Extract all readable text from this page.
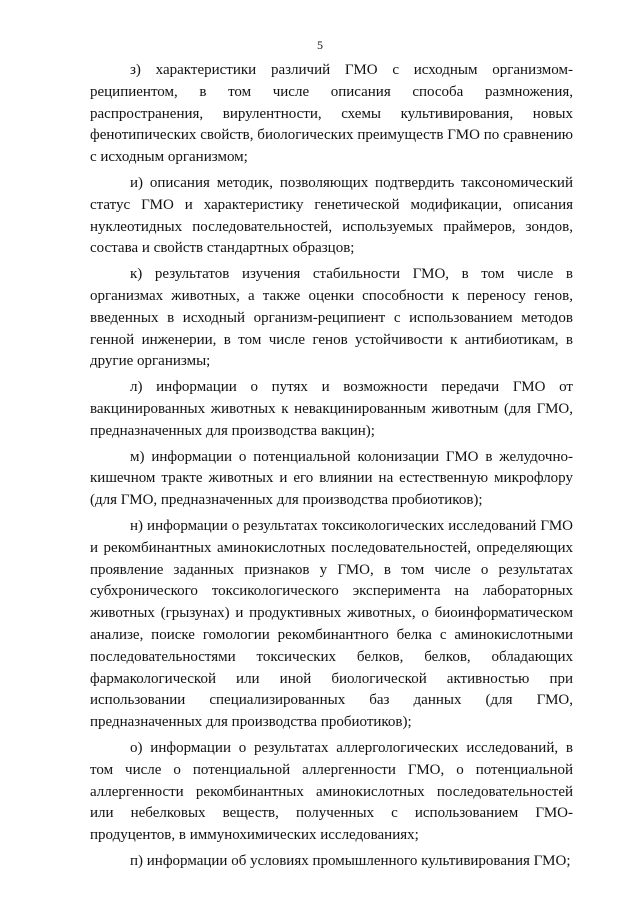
5

з) характеристики различий ГМО с исходным организмом-реципиентом, в том числе описания способа размножения, распространения, вирулентности, схемы культивирования, новых фенотипических свойств, биологических преимуществ ГМО по сравнению с исходным организмом;

и) описания методик, позволяющих подтвердить таксономический статус ГМО и характеристику генетической модификации, описания нуклеотидных последовательностей, используемых праймеров, зондов, состава и свойств стандартных образцов;

к) результатов изучения стабильности ГМО, в том числе в организмах животных, а также оценки способности к переносу генов, введенных в исходный организм-реципиент с использованием методов генной инженерии, в том числе генов устойчивости к антибиотикам, в другие организмы;

л) информации о путях и возможности передачи ГМО от вакцинированных животных к невакцинированным животным (для ГМО, предназначенных для производства вакцин);

м) информации о потенциальной колонизации ГМО в желудочно-кишечном тракте животных и его влиянии на естественную микрофлору (для ГМО, предназначенных для производства пробиотиков);

н) информации о результатах токсикологических исследований ГМО и рекомбинантных аминокислотных последовательностей, определяющих проявление заданных признаков у ГМО, в том числе о результатах субхронического токсикологического эксперимента на лабораторных животных (грызунах) и продуктивных животных, о биоинформатическом анализе, поиске гомологии рекомбинантного белка с аминокислотными последовательностями токсических белков, белков, обладающих фармакологической или иной биологической активностью при использовании специализированных баз данных (для ГМО, предназначенных для производства пробиотиков);

о) информации о результатах аллергологических исследований, в том числе о потенциальной аллергенности ГМО, о потенциальной аллергенности рекомбинантных аминокислотных последовательностей или небелковых веществ, полученных с использованием ГМО-продуцентов, в иммунохимических исследованиях;

п) информации об условиях промышленного культивирования ГМО;
